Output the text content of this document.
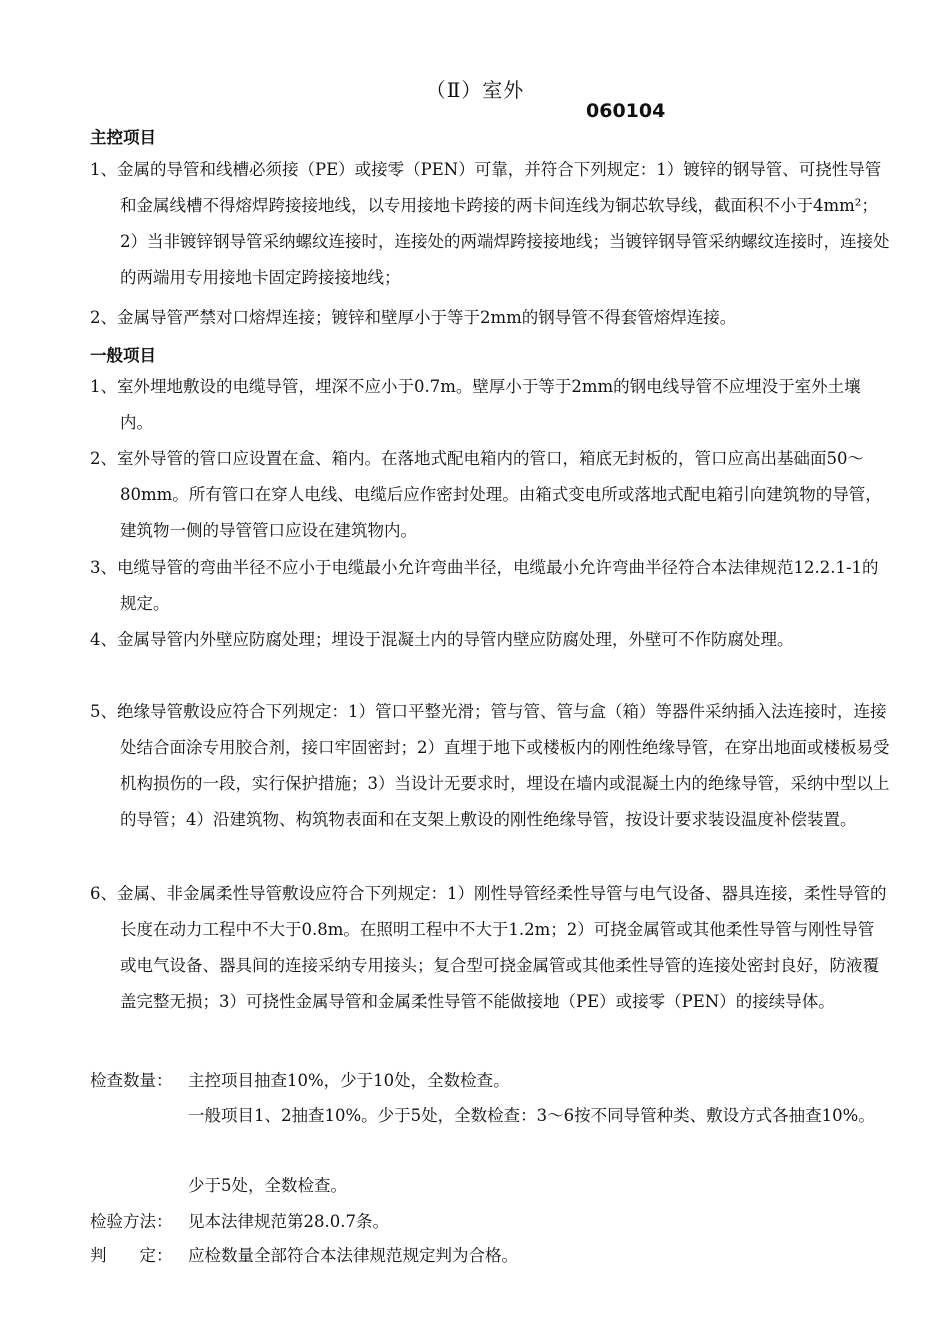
（Ⅱ）室外
060104
主控项目
1、金属的导管和线槽必须接（PE）或接零（PEN）可靠，并符合下列规定：1）镀锌的钢导管、可挠性导管和金属线槽不得熔焊跨接接地线，以专用接地卡跨接的两卡间连线为铜芯软导线，截面积不小于4mm²；2）当非镀锌钢导管采纳螺纹连接时，连接处的两端焊跨接接地线；当镀锌钢导管采纳螺纹连接时，连接处的两端用专用接地卡固定跨接接地线；
2、金属导管严禁对口熔焊连接；镀锌和壁厚小于等于2mm的钢导管不得套管熔焊连接。
一般项目
1、室外埋地敷设的电缆导管，埋深不应小于0.7m。壁厚小于等于2mm的钢电线导管不应埋没于室外土壤内。
2、室外导管的管口应设置在盒、箱内。在落地式配电箱内的管口，箱底无封板的，管口应高出基础面50～80mm。所有管口在穿人电线、电缆后应作密封处理。由箱式变电所或落地式配电箱引向建筑物的导管，建筑物一侧的导管管口应设在建筑物内。
3、电缆导管的弯曲半径不应小于电缆最小允许弯曲半径，电缆最小允许弯曲半径符合本法律规范12.2.1-1的规定。
4、金属导管内外壁应防腐处理；埋设于混凝土内的导管内壁应防腐处理，外壁可不作防腐处理。
5、绝缘导管敷设应符合下列规定：1）管口平整光滑；管与管、管与盒（箱）等器件采纳插入法连接时，连接处结合面涂专用胶合剂，接口牢固密封；2）直埋于地下或楼板内的刚性绝缘导管，在穿出地面或楼板易受机构损伤的一段，实行保护措施；3）当设计无要求时，埋设在墙内或混凝土内的绝缘导管，采纳中型以上的导管；4）沿建筑物、构筑物表面和在支架上敷设的刚性绝缘导管，按设计要求装设温度补偿装置。
6、金属、非金属柔性导管敷设应符合下列规定：1）刚性导管经柔性导管与电气设备、器具连接，柔性导管的长度在动力工程中不大于0.8m。在照明工程中不大于1.2m；2）可挠金属管或其他柔性导管与刚性导管或电气设备、器具间的连接采纳专用接头；复合型可挠金属管或其他柔性导管的连接处密封良好，防液覆盖完整无损；3）可挠性金属导管和金属柔性导管不能做接地（PE）或接零（PEN）的接续导体。
检查数量： 主控项目抽查10%，少于10处，全数检查。
一般项目1、2抽查10%。少于5处，全数检查：3～6按不同导管种类、敷设方式各抽查10%。
少于5处，全数检查。
检验方法： 见本法律规范第28.0.7条。
判　　定： 应检数量全部符合本法律规范规定判为合格。
